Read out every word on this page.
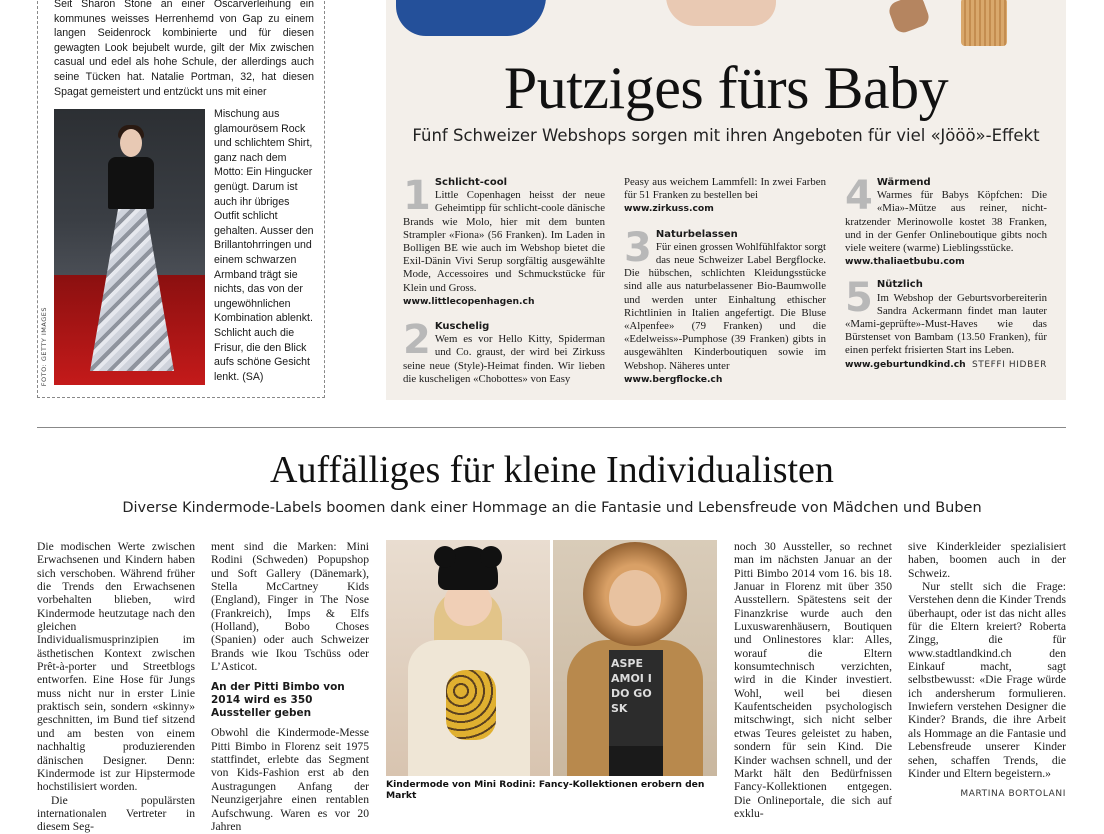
Seit Sharon Stone an einer Oscarverleihung ein kommunes weisses Herrenhemd von Gap zu einem langen Seidenrock kombinierte und für diesen gewagten Look bejubelt wurde, gilt der Mix zwischen casual und edel als hohe Schule, der allerdings auch seine Tücken hat. Natalie Portman, 32, hat diesen Spagat gemeistert und entzückt uns mit einer

FOTO: GETTY IMAGES

Mischung aus glamourösem Rock und schlichtem Shirt, ganz nach dem Motto: Ein Hingucker genügt. Darum ist auch ihr übriges Outfit schlicht gehalten. Ausser den Brillantohrringen und einem schwarzen Armband trägt sie nichts, das von der ungewöhnlichen Kombination ablenkt. Schlicht auch die Frisur, die den Blick aufs schöne Gesicht lenkt. (SA)

Putziges fürs Baby
Fünf Schweizer Webshops sorgen mit ihren Angeboten für viel «Jööö»-Effekt

1 Schlicht-cool
Little Copenhagen heisst der neue Geheimtipp für schlicht-coole dänische Brands wie Molo, hier mit dem bunten Strampler «Fiona» (56 Franken). Im Laden in Bolligen BE wie auch im Webshop bietet die Exil-Dänin Vivi Serup sorgfältig ausgewählte Mode, Accessoires und Schmuckstücke für Klein und Gross.
www.littlecopenhagen.ch

2 Kuschelig
Wem es vor Hello Kitty, Spiderman und Co. graust, der wird bei Zirkuss seine neue (Style)-Heimat finden. Wir lieben die kuscheligen «Chobottes» von Easy

Peasy aus weichem Lammfell: In zwei Farben für 51 Franken zu bestellen bei
www.zirkuss.com

3 Naturbelassen
Für einen grossen Wohlfühlfaktor sorgt das neue Schweizer Label Bergflocke. Die hübschen, schlichten Kleidungsstücke sind alle aus naturbelassener Bio-Baumwolle und werden unter Einhaltung ethischer Richtlinien in Italien angefertigt. Die Bluse «Alpenfee» (79 Franken) und die «Edelweiss»-Pumphose (39 Franken) gibts in ausgewählten Kinderboutiquen sowie im Webshop. Näheres unter
www.bergflocke.ch

4 Wärmend
Warmes für Babys Köpfchen: Die «Mia»-Mütze aus reiner, nicht-kratzender Merinowolle kostet 38 Franken, und in der Genfer Onlineboutique gibts noch viele weitere (warme) Lieblingsstücke.
www.thaliaetbubu.com

5 Nützlich
Im Webshop der Geburtsvorbereiterin Sandra Ackermann findet man lauter «Mami-geprüfte»-Must-Haves wie das Bürstenset von Bambam (13.50 Franken), für einen perfekt frisierten Start ins Leben.
www.geburtundkind.ch STEFFI HIDBER

Auffälliges für kleine Individualisten
Diverse Kindermode-Labels boomen dank einer Hommage an die Fantasie und Lebensfreude von Mädchen und Buben

Die modischen Werte zwischen Erwachsenen und Kindern haben sich verschoben. Während früher die Trends den Erwachsenen vorbehalten blieben, wird Kindermode heutzutage nach den gleichen Individualismusprinzipien im ästhetischen Kontext zwischen Prêt-à-porter und Streetblogs entworfen. Eine Hose für Jungs muss nicht nur in erster Linie praktisch sein, sondern «skinny» geschnitten, im Bund tief sitzend und am besten von einem nachhaltig produzierenden dänischen Designer. Denn: Kindermode ist zur Hipstermode hochstilisiert worden.

Die populärsten internationalen Vertreter in diesem Seg-

ment sind die Marken: Mini Rodini (Schweden) Popupshop und Soft Gallery (Dänemark), Stella McCartney Kids (England), Finger in The Nose (Frankreich), Imps & Elfs (Holland), Bobo Choses (Spanien) oder auch Schweizer Brands wie Ikou Tschüss oder L’Asticot.

An der Pitti Bimbo von 2014 wird es 350 Aussteller geben

Obwohl die Kindermode-Messe Pitti Bimbo in Florenz seit 1975 stattfindet, erlebte das Segment von Kids-Fashion erst ab den Austragungen Anfang der Neunzigerjahre einen rentablen Aufschwung. Waren es vor 20 Jahren

ASPE AMOI I DO GO SK
Kindermode von Mini Rodini: Fancy-Kollektionen erobern den Markt

noch 30 Aussteller, so rechnet man im nächsten Januar an der Pitti Bimbo 2014 vom 16. bis 18. Januar in Florenz mit über 350 Ausstellern. Spätestens seit der Finanzkrise wurde auch den Luxuswarenhäusern, Boutiquen und Onlinestores klar: Alles, worauf die Eltern konsumtechnisch verzichten, wird in die Kinder investiert. Wohl, weil bei diesen Kaufentscheiden psychologisch mitschwingt, sich nicht selber etwas Teures geleistet zu haben, sondern für sein Kind. Die Kinder wachsen schnell, und der Markt hält den Bedürfnissen Fancy-Kollektionen entgegen. Die Onlineportale, die sich auf exklu-

sive Kinderkleider spezialisiert haben, boomen auch in der Schweiz.

Nur stellt sich die Frage: Verstehen denn die Kinder Trends überhaupt, oder ist das nicht alles für die Eltern kreiert? Roberta Zingg, die für www.stadtlandkind.ch den Einkauf macht, sagt selbstbewusst: «Die Frage würde ich andersherum formulieren. Inwiefern verstehen Designer die Kinder? Brands, die ihre Arbeit als Hommage an die Fantasie und Lebensfreude unserer Kinder sehen, schaffen Trends, die Kinder und Eltern begeistern.»

MARTINA BORTOLANI
